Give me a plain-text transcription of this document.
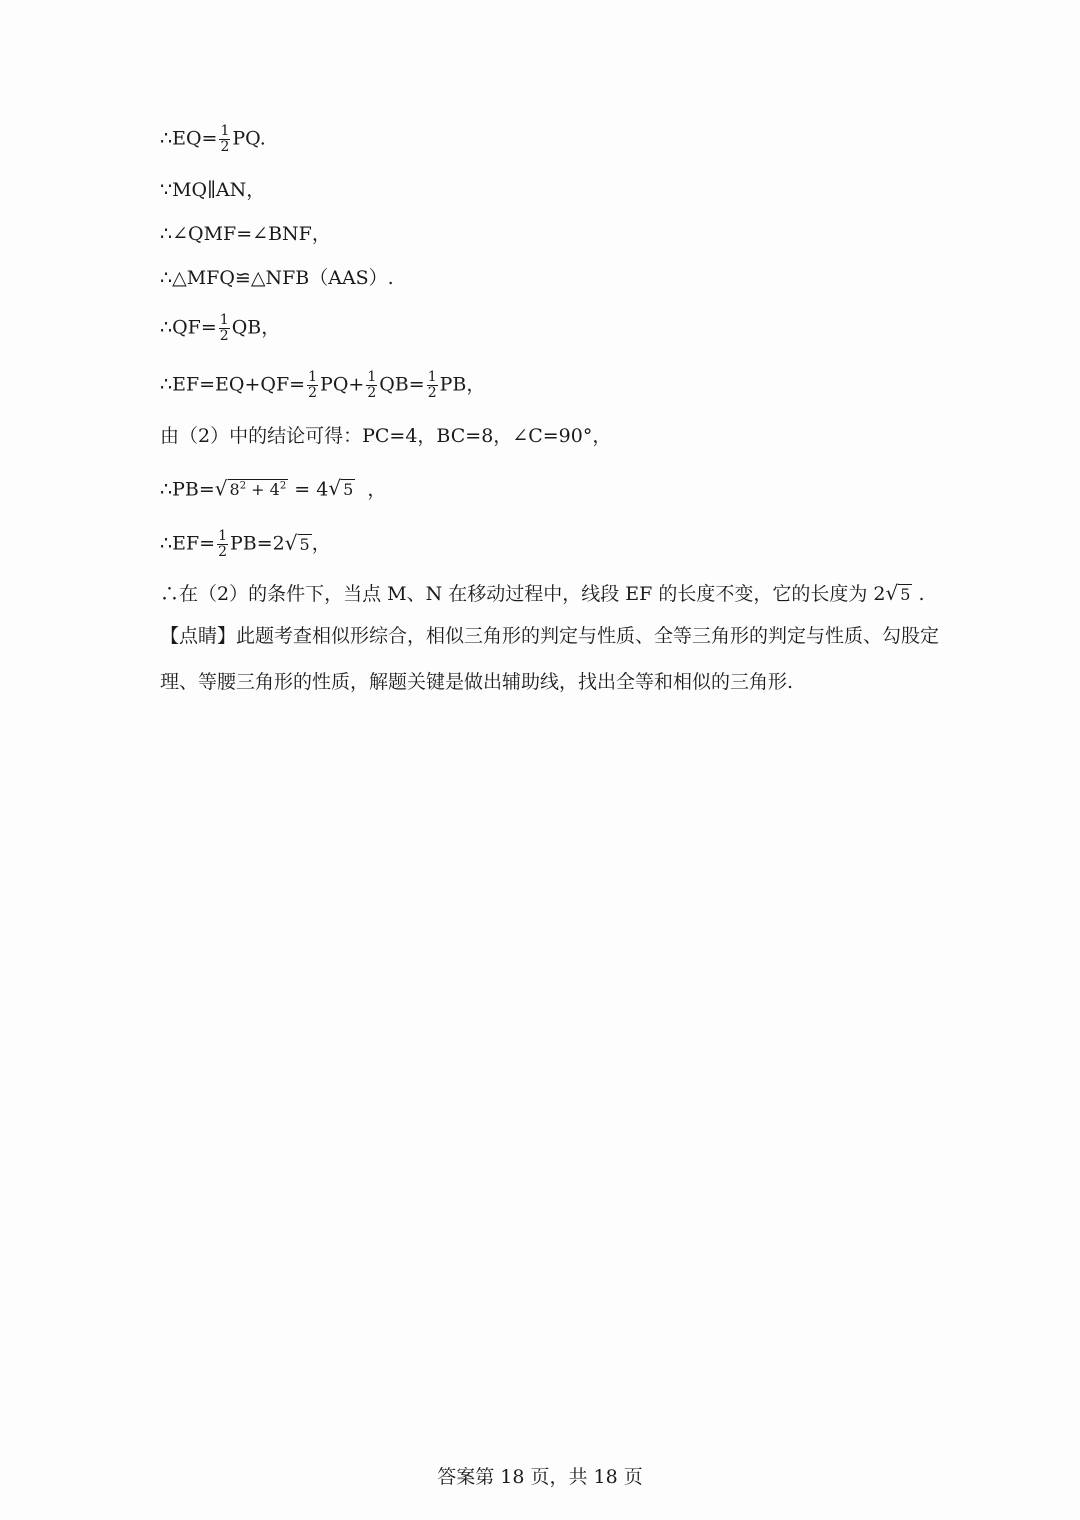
∴EQ= $\frac{1}{2}$ PQ.
∵MQ∥AN，
∴∠QMF=∠BNF，
∴△MFQ≌△NFB（AAS）.
∴QF= $\frac{1}{2}$ QB，
∴EF=EQ+QF= $\frac{1}{2} PQ+ \frac{1}{2} QB= \frac{1}{2}$ PB，
由（2）中的结论可得：PC=4，BC=8，∠C=90°，
∴PB=√ $8^2 + 4^2 = 4√$ 5  ，
∴EF= $\frac{1}{2} PB=2√$ 5 ，
∴在（2）的条件下，当点 M、N 在移动过程中，线段 EF 的长度不变，它的长度为 2√ 5 .
【点睛】此题考查相似形综合，相似三角形的判定与性质、全等三角形的判定与性质、勾股定理、等腰三角形的性质，解题关键是做出辅助线，找出全等和相似的三角形.
答案第 18 页，共 18 页
